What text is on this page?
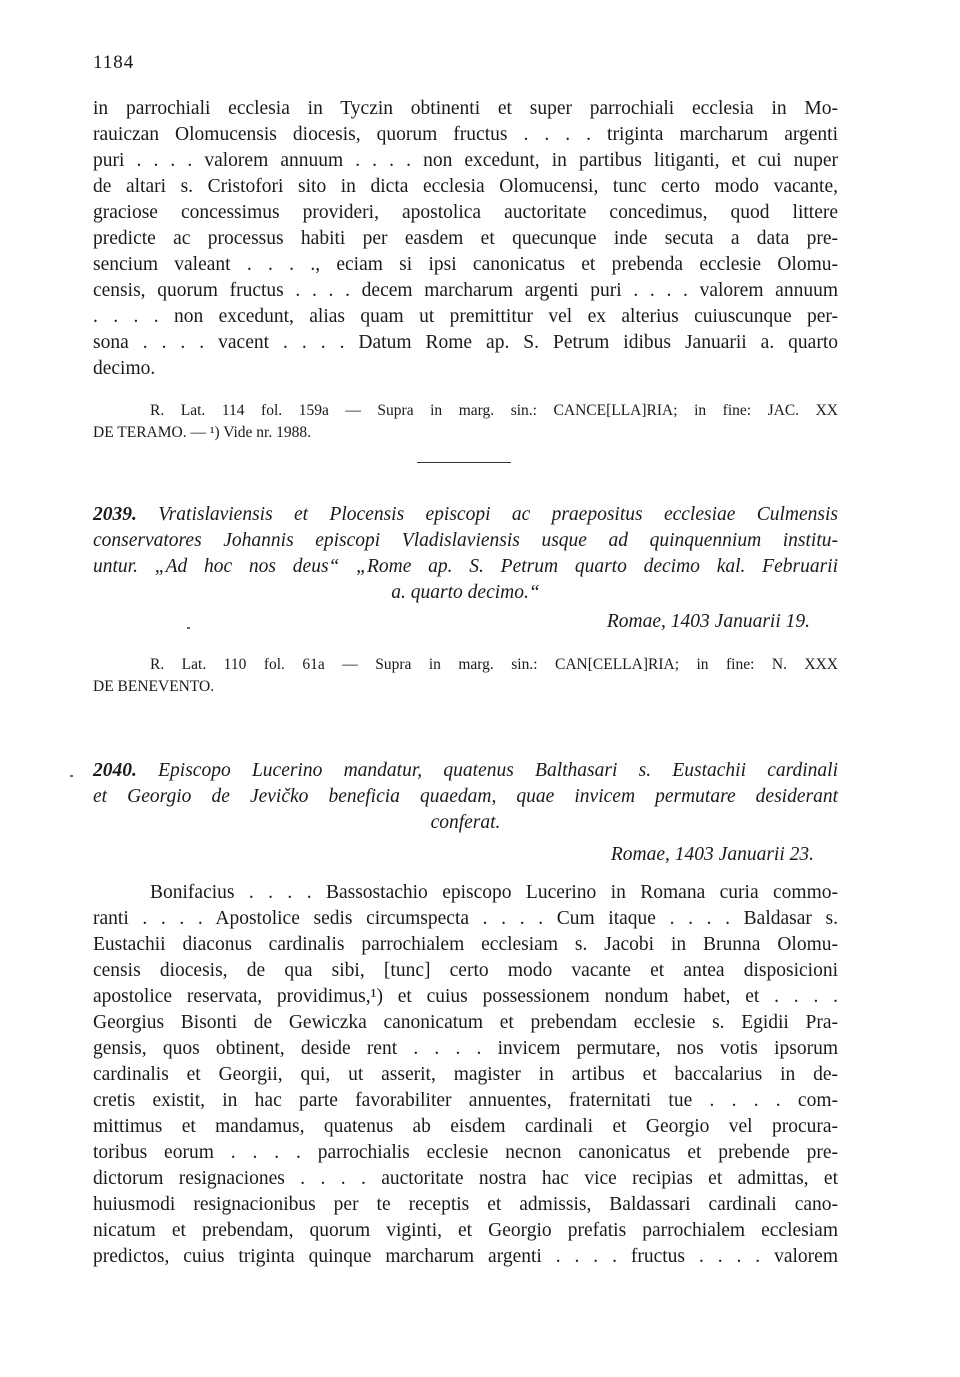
1184
in parrochiali ecclesia in Tyczin obtinenti et super parrochiali ecclesia in Mo-
rauiczan Olomucensis diocesis, quorum fructus . . . . triginta marcharum argenti
puri . . . . valorem annuum . . . . non excedunt, in partibus litiganti, et cui nuper
de altari s. Cristofori sito in dicta ecclesia Olomucensi, tunc certo modo vacante,
graciose concessimus provideri, apostolica auctoritate concedimus, quod littere
predicte ac processus habiti per easdem et quecunque inde secuta a data pre-
sencium valeant . . . ., eciam si ipsi canonicatus et prebenda ecclesie Olomu-
censis, quorum fructus . . . . decem marcharum argenti puri . . . . valorem annuum
. . . . non excedunt, alias quam ut premittitur vel ex alterius cuiuscunque per-
sona . . . . vacent . . . . Datum Rome ap. S. Petrum idibus Januarii a. quarto
decimo.
R. Lat. 114 fol. 159a — Supra in marg. sin.: CANCE[LLA]RIA; in fine: JAC. XX
DE TERAMO. — ¹) Vide nr. 1988.
2039. Vratislaviensis et Plocensis episcopi ac praepositus ecclesiae Culmensis
conservatores Johannis episcopi Vladislaviensis usque ad quinquennium institu-
untur. „Ad hoc nos deus“ „Rome ap. S. Petrum quarto decimo kal. Februarii
a. quarto decimo.“
Romae, 1403 Januarii 19.
R. Lat. 110 fol. 61a — Supra in marg. sin.: CAN[CELLA]RIA; in fine: N. XXX
DE BENEVENTO.
2040. Episcopo Lucerino mandatur, quatenus Balthasari s. Eustachii cardinali
et Georgio de Jevičko beneficia quaedam, quae invicem permutare desiderant
conferat.
Romae, 1403 Januarii 23.
Bonifacius . . . . Bassostachio episcopo Lucerino in Romana curia commo-
ranti . . . . Apostolice sedis circumspecta . . . . Cum itaque . . . . Baldasar s.
Eustachii diaconus cardinalis parrochialem ecclesiam s. Jacobi in Brunna Olomu-
censis diocesis, de qua sibi, [tunc] certo modo vacante et antea disposicioni
apostolice reservata, providimus,¹) et cuius possessionem nondum habet, et . . . .
Georgius Bisonti de Gewiczka canonicatum et prebendam ecclesie s. Egidii Pra-
gensis, quos obtinent, deside rent . . . . invicem permutare, nos votis ipsorum
cardinalis et Georgii, qui, ut asserit, magister in artibus et baccalarius in de-
cretis existit, in hac parte favorabiliter annuentes, fraternitati tue . . . . com-
mittimus et mandamus, quatenus ab eisdem cardinali et Georgio vel procura-
toribus eorum . . . . parrochialis ecclesie necnon canonicatus et prebende pre-
dictorum resignaciones . . . . auctoritate nostra hac vice recipias et admittas, et
huiusmodi resignacionibus per te receptis et admissis, Baldassari cardinali cano-
nicatum et prebendam, quorum viginti, et Georgio prefatis parrochialem ecclesiam
predictos, cuius triginta quinque marcharum argenti . . . . fructus . . . . valorem
